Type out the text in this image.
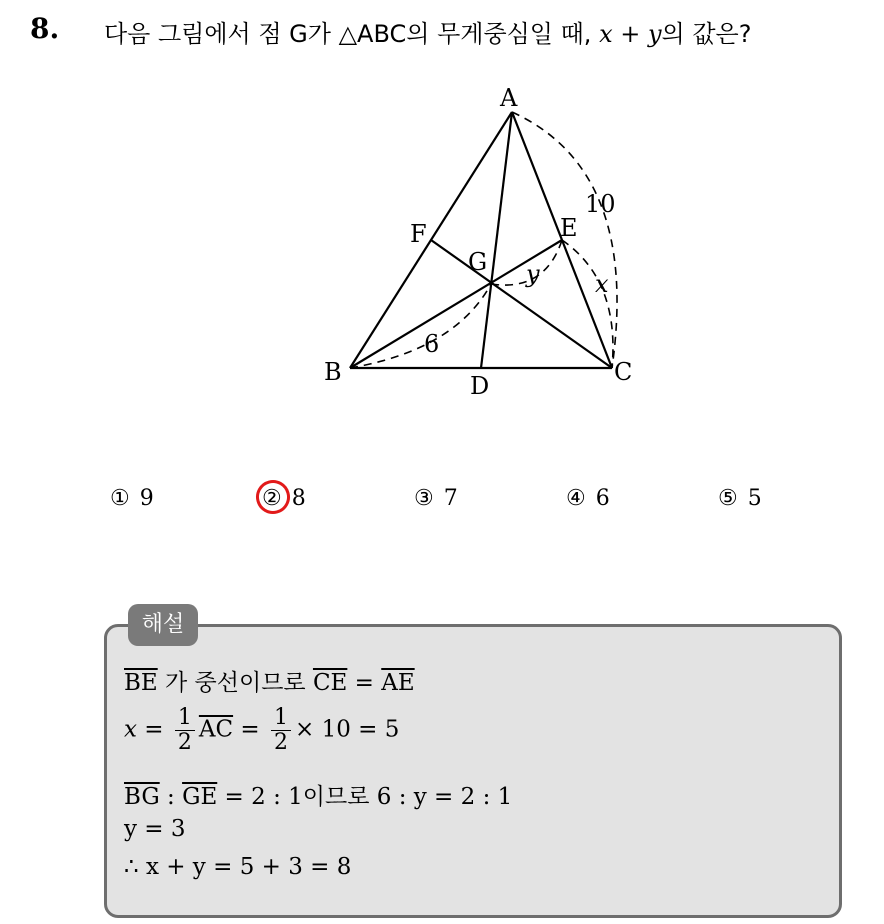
8. 다음 그림에서 점 G가 △ABC의 무게중심일 때, x + y의 값은?
A
B	C
D
E
F
G
10
x
y
6
① 9	② 8	③ 7	④ 6	⑤ 5
해설
$\overline{BE}$ 가 중선이므로 $\overline{CE} = \overline{AE}$
$x = \frac{1}{2} \overline{AC} = \frac{1}{2} \times 10 = 5$
$\overline{BG}$ : $\overline{GE} = 2$ : 1이므로 6 : y = 2 : 1
y = 3
∴ x + y = 5 + 3 = 8
